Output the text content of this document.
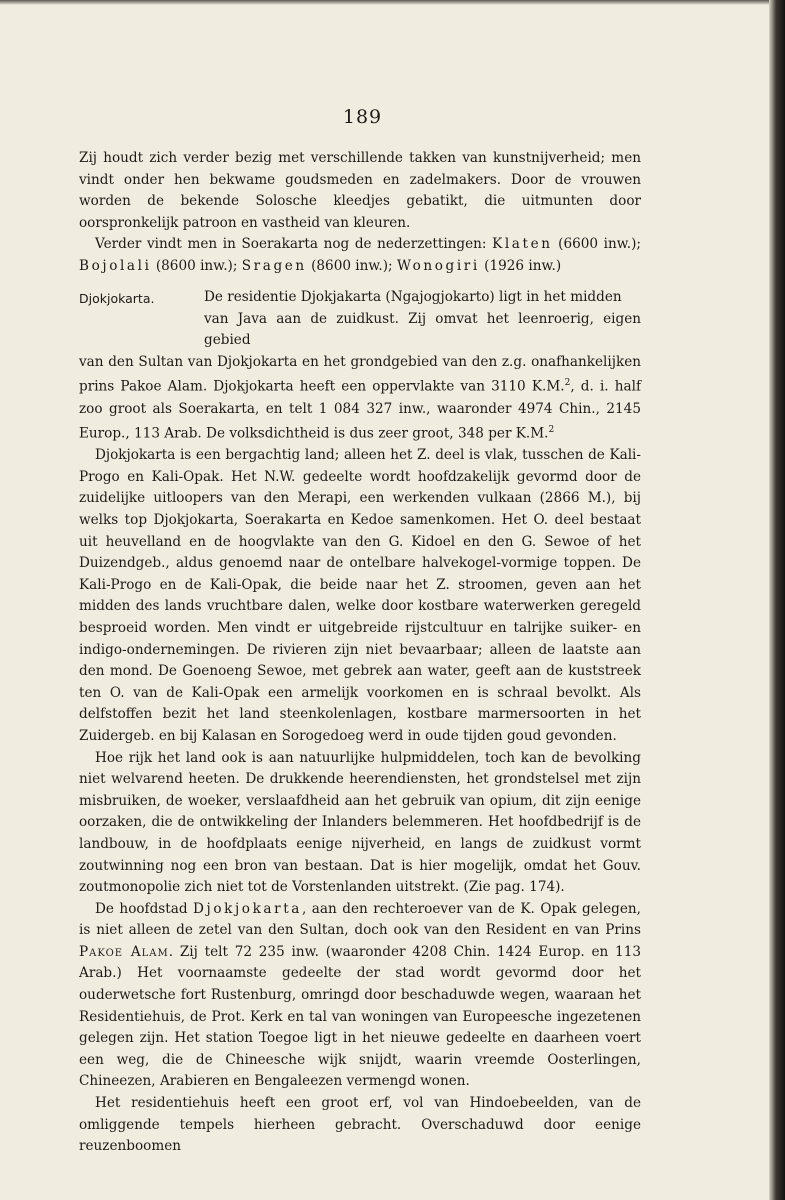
189

Zij houdt zich verder bezig met verschillende takken van kunstnijverheid; men vindt onder hen bekwame goudsmeden en zadelmakers. Door de vrouwen worden de bekende Solosche kleedjes gebatikt, die uitmunten door oorspronkelijk patroon en vastheid van kleuren.

Verder vindt men in Soerakarta nog de nederzettingen: Klaten (6600 inw.); Bojolali (8600 inw.); Sragen (8600 inw.); Wonogiri (1926 inw.)

Djokjokarta.	De residentie Djokjakarta (Ngajogjokarto) ligt in het midden

van Java aan de zuidkust. Zij omvat het leenroerig, eigen gebied

van den Sultan van Djokjokarta en het grondgebied van den z.g. onafhankelijken prins Pakoe Alam. Djokjokarta heeft een oppervlakte van 3110 K.M.$^2$, d. i. half zoo groot als Soerakarta, en telt 1 084 327 inw., waaronder 4974 Chin., 2145 Europ., 113 Arab. De volksdichtheid is dus zeer groot, 348 per K.M.$^2$

Djokjokarta is een bergachtig land; alleen het Z. deel is vlak, tusschen de Kali-Progo en Kali-Opak. Het N.W. gedeelte wordt hoofdzakelijk gevormd door de zuidelijke uitloopers van den Merapi, een werkenden vulkaan (2866 M.), bij welks top Djokjokarta, Soerakarta en Kedoe samenkomen. Het O. deel bestaat uit heuvelland en de hoogvlakte van den G. Kidoel en den G. Sewoe of het Duizendgeb., aldus genoemd naar de ontelbare halvekogel-vormige toppen. De Kali-Progo en de Kali-Opak, die beide naar het Z. stroomen, geven aan het midden des lands vruchtbare dalen, welke door kostbare waterwerken geregeld besproeid worden. Men vindt er uitgebreide rijstcultuur en talrijke suiker- en indigo-ondernemingen. De rivieren zijn niet bevaarbaar; alleen de laatste aan den mond. De Goenoeng Sewoe, met gebrek aan water, geeft aan de kuststreek ten O. van de Kali-Opak een armelijk voorkomen en is schraal bevolkt. Als delfstoffen bezit het land steenkolenlagen, kostbare marmersoorten in het Zuidergeb. en bij Kalasan en Sorogedoeg werd in oude tijden goud gevonden.

Hoe rijk het land ook is aan natuurlijke hulpmiddelen, toch kan de bevolking niet welvarend heeten. De drukkende heerendiensten, het grondstelsel met zijn misbruiken, de woeker, verslaafdheid aan het gebruik van opium, dit zijn eenige oorzaken, die de ontwikkeling der Inlanders belemmeren. Het hoofdbedrijf is de landbouw, in de hoofdplaats eenige nijverheid, en langs de zuidkust vormt zoutwinning nog een bron van bestaan. Dat is hier mogelijk, omdat het Gouv. zoutmonopolie zich niet tot de Vorstenlanden uitstrekt. (Zie pag. 174).

De hoofdstad Djokjokarta, aan den rechteroever van de K. Opak gelegen, is niet alleen de zetel van den Sultan, doch ook van den Resident en van Prins Pakoe Alam. Zij telt 72 235 inw. (waaronder 4208 Chin. 1424 Europ. en 113 Arab.) Het voornaamste gedeelte der stad wordt gevormd door het ouderwetsche fort Rustenburg, omringd door beschaduwde wegen, waaraan het Residentiehuis, de Prot. Kerk en tal van woningen van Europeesche ingezetenen gelegen zijn. Het station Toegoe ligt in het nieuwe gedeelte en daarheen voert een weg, die de Chineesche wijk snijdt, waarin vreemde Oosterlingen, Chineezen, Arabieren en Bengaleezen vermengd wonen.

Het residentiehuis heeft een groot erf, vol van Hindoebeelden, van de omliggende tempels hierheen gebracht. Overschaduwd door eenige reuzenboomen
